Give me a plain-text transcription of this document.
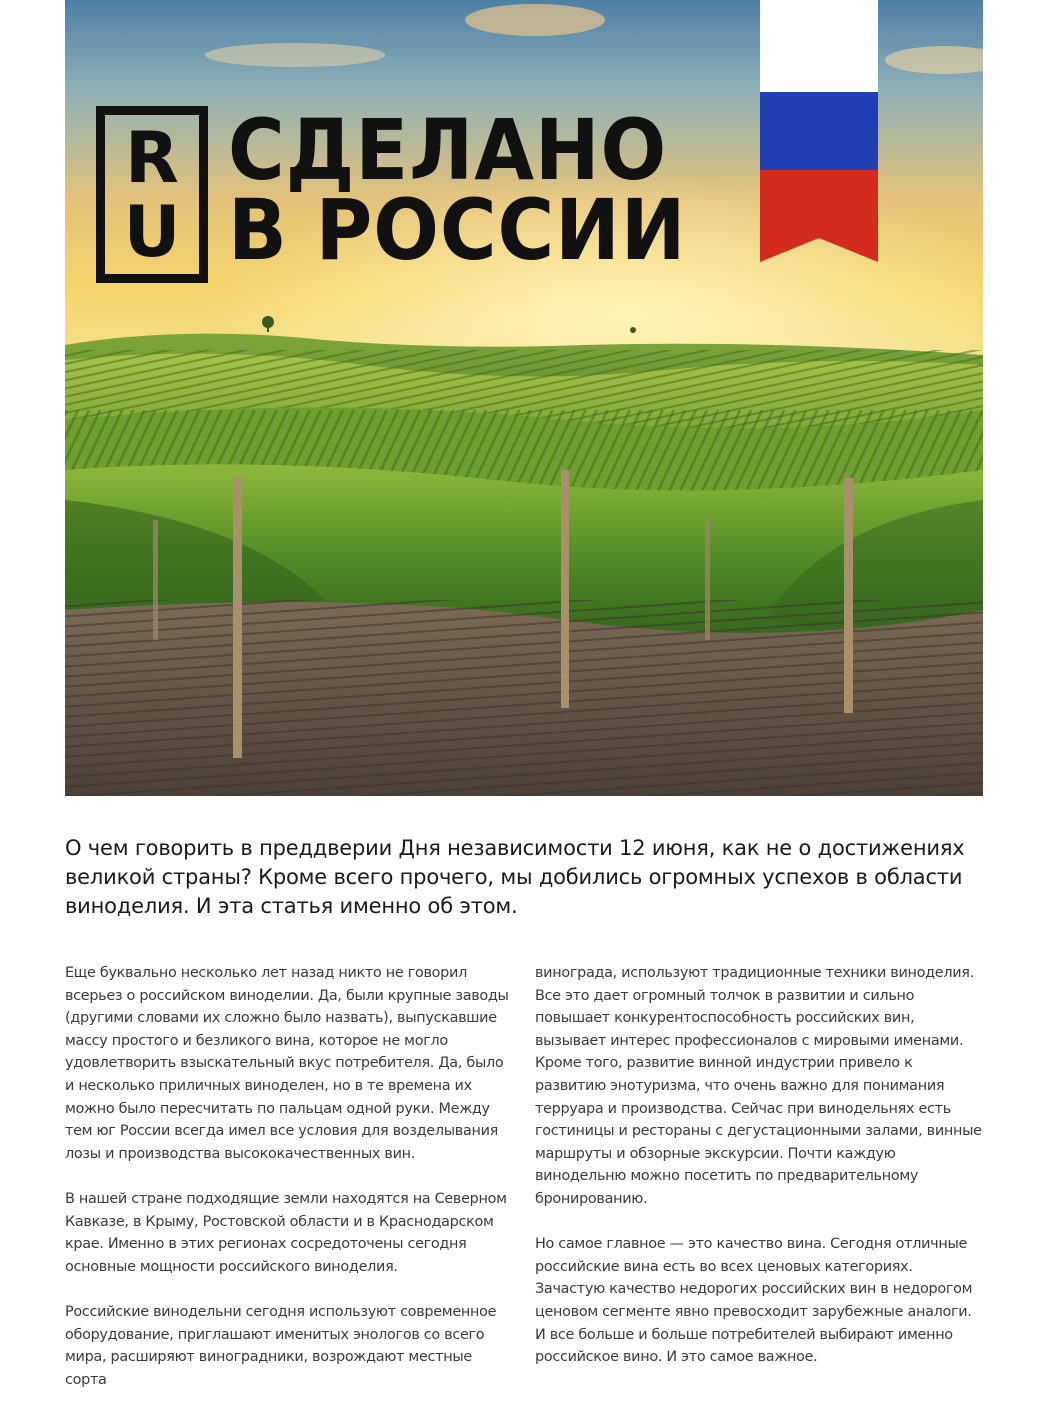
R
U
СДЕЛАНО
В РОССИИ

О чем говорить в преддверии Дня независимости 12 июня, как не о достижениях великой страны? Кроме всего прочего, мы добились огромных успехов в области виноделия. И эта статья именно об этом.

Еще буквально несколько лет назад никто не говорил всерьез о российском виноделии. Да, были крупные заводы (другими словами их сложно было назвать), выпускавшие массу простого и безликого вина, которое не могло удовлетворить взыскательный вкус потребителя. Да, было и несколько приличных виноделен, но в те времена их можно было пересчитать по пальцам одной руки. Между тем юг России всегда имел все условия для возделывания лозы и производства высококачественных вин.

В нашей стране подходящие земли находятся на Северном Кавказе, в Крыму, Ростовской области и в Краснодарском крае. Именно в этих регионах сосредоточены сегодня основные мощности российского виноделия.

Российские винодельни сегодня используют современное оборудование, приглашают именитых энологов со всего мира, расширяют виноградники, возрождают местные сорта

винограда, используют традиционные техники виноделия. Все это дает огромный толчок в развитии и сильно повышает конкурентоспособность российских вин, вызывает интерес профессионалов с мировыми именами. Кроме того, развитие винной индустрии привело к развитию энотуризма, что очень важно для понимания терруара и производства. Сейчас при винодельнях есть гостиницы и рестораны с дегустационными залами, винные маршруты и обзорные экскурсии. Почти каждую винодельню можно посетить по предварительному бронированию.

Но самое главное — это качество вина. Сегодня отличные российские вина есть во всех ценовых категориях. Зачастую качество недорогих российских вин в недорогом ценовом сегменте явно превосходит зарубежные аналоги. И все больше и больше потребителей выбирают именно российское вино. И это самое важное.
